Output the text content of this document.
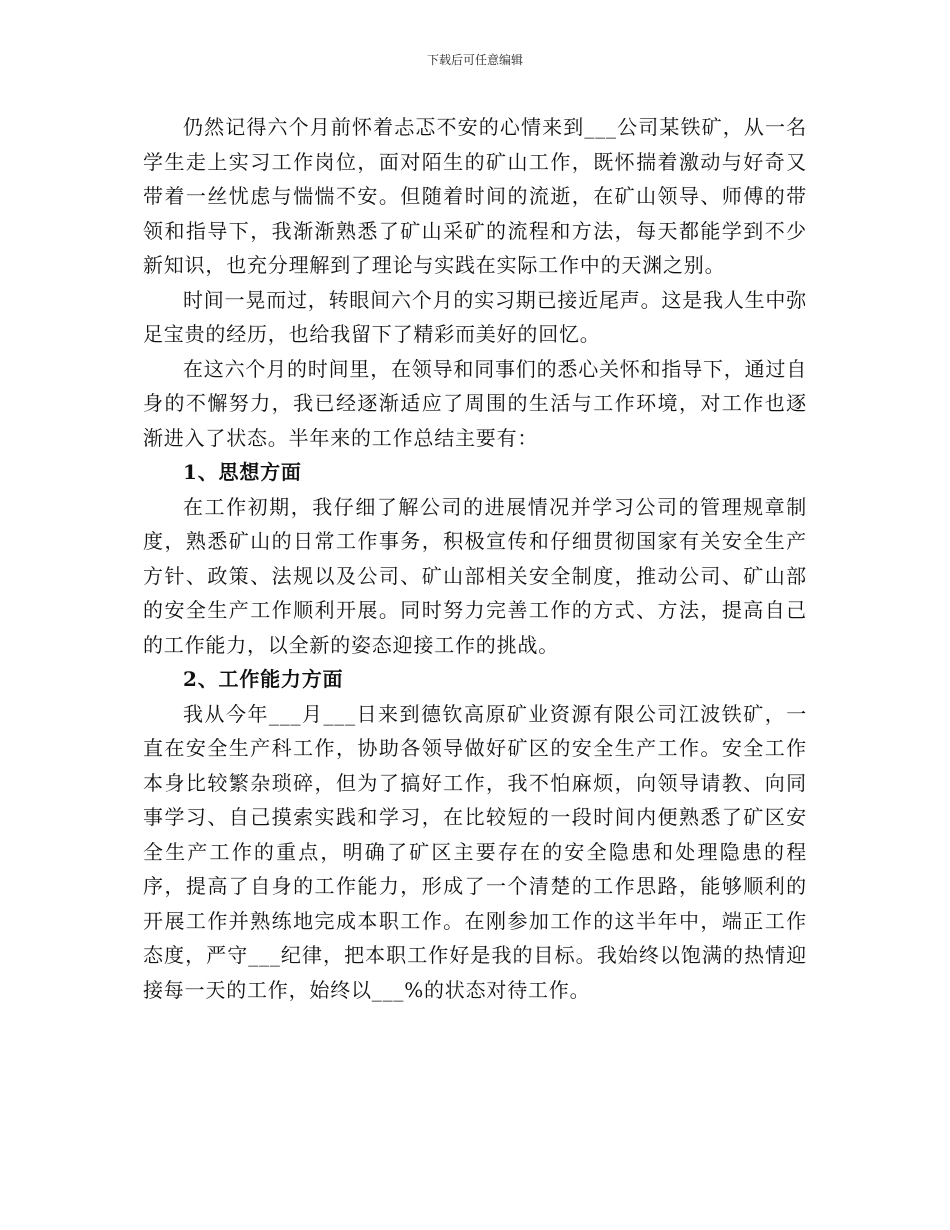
下载后可任意编辑

仍然记得六个月前怀着忐忑不安的心情来到___公司某铁矿，从一名学生走上实习工作岗位，面对陌生的矿山工作，既怀揣着激动与好奇又带着一丝忧虑与惴惴不安。但随着时间的流逝，在矿山领导、师傅的带领和指导下，我渐渐熟悉了矿山采矿的流程和方法，每天都能学到不少新知识，也充分理解到了理论与实践在实际工作中的天渊之别。

时间一晃而过，转眼间六个月的实习期已接近尾声。这是我人生中弥足宝贵的经历，也给我留下了精彩而美好的回忆。

在这六个月的时间里，在领导和同事们的悉心关怀和指导下，通过自身的不懈努力，我已经逐渐适应了周围的生活与工作环境，对工作也逐渐进入了状态。半年来的工作总结主要有：

1、思想方面

在工作初期，我仔细了解公司的进展情况并学习公司的管理规章制度，熟悉矿山的日常工作事务，积极宣传和仔细贯彻国家有关安全生产方针、政策、法规以及公司、矿山部相关安全制度，推动公司、矿山部的安全生产工作顺利开展。同时努力完善工作的方式、方法，提高自己的工作能力，以全新的姿态迎接工作的挑战。

2、工作能力方面

我从今年___月___日来到德钦高原矿业资源有限公司江波铁矿，一直在安全生产科工作，协助各领导做好矿区的安全生产工作。安全工作本身比较繁杂琐碎，但为了搞好工作，我不怕麻烦，向领导请教、向同事学习、自己摸索实践和学习，在比较短的一段时间内便熟悉了矿区安全生产工作的重点，明确了矿区主要存在的安全隐患和处理隐患的程序，提高了自身的工作能力，形成了一个清楚的工作思路，能够顺利的开展工作并熟练地完成本职工作。在刚参加工作的这半年中，端正工作态度，严守___纪律，把本职工作好是我的目标。我始终以饱满的热情迎接每一天的工作，始终以___%的状态对待工作。
